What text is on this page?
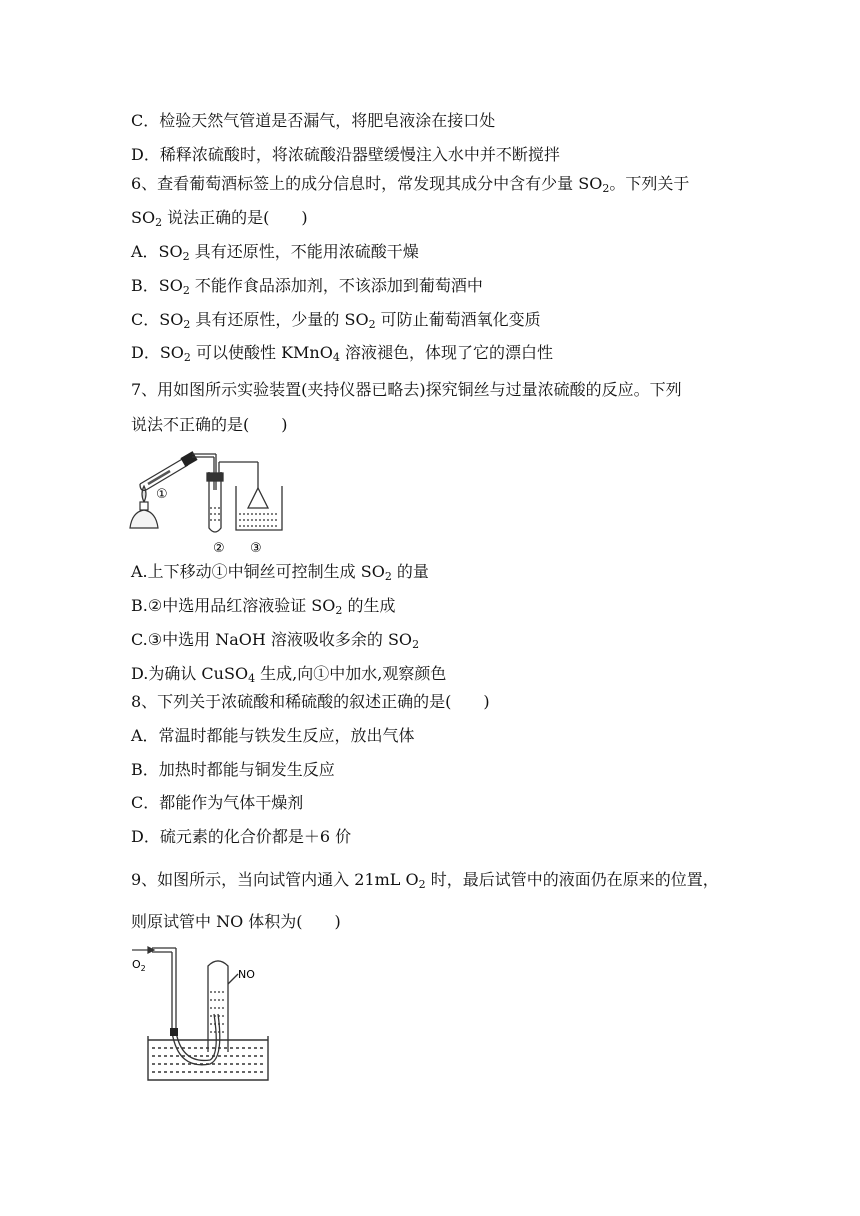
C．检验天然气管道是否漏气，将肥皂液涂在接口处
D．稀释浓硫酸时，将浓硫酸沿器壁缓慢注入水中并不断搅拌
6、查看葡萄酒标签上的成分信息时，常发现其成分中含有少量 $SO_2$。下列关于
$SO_2$ 说法正确的是(　　)
A．$SO_2$ 具有还原性，不能用浓硫酸干燥
B．$SO_2$ 不能作食品添加剂，不该添加到葡萄酒中
C．$SO_2$ 具有还原性，少量的 $SO_2$ 可防止葡萄酒氧化变质
D．$SO_2$ 可以使酸性 KMnO$_4$ 溶液褪色，体现了它的漂白性
7、用如图所示实验装置(夹持仪器已略去)探究铜丝与过量浓硫酸的反应。下列
说法不正确的是(　　)
①
② ③
A.上下移动①中铜丝可控制生成 $SO_2$ 的量
B.②中选用品红溶液验证 $SO_2$ 的生成
C.③中选用 NaOH 溶液吸收多余的 $SO_2$
D.为确认 CuSO$_4$ 生成,向①中加水,观察颜色
8、下列关于浓硫酸和稀硫酸的叙述正确的是(　　)
A．常温时都能与铁发生反应，放出气体
B．加热时都能与铜发生反应
C．都能作为气体干燥剂
D．硫元素的化合价都是＋6 价
9、如图所示，当向试管内通入 21mL $O_2$ 时，最后试管中的液面仍在原来的位置，
则原试管中 NO 体积为(　　)
$O_2$	NO
